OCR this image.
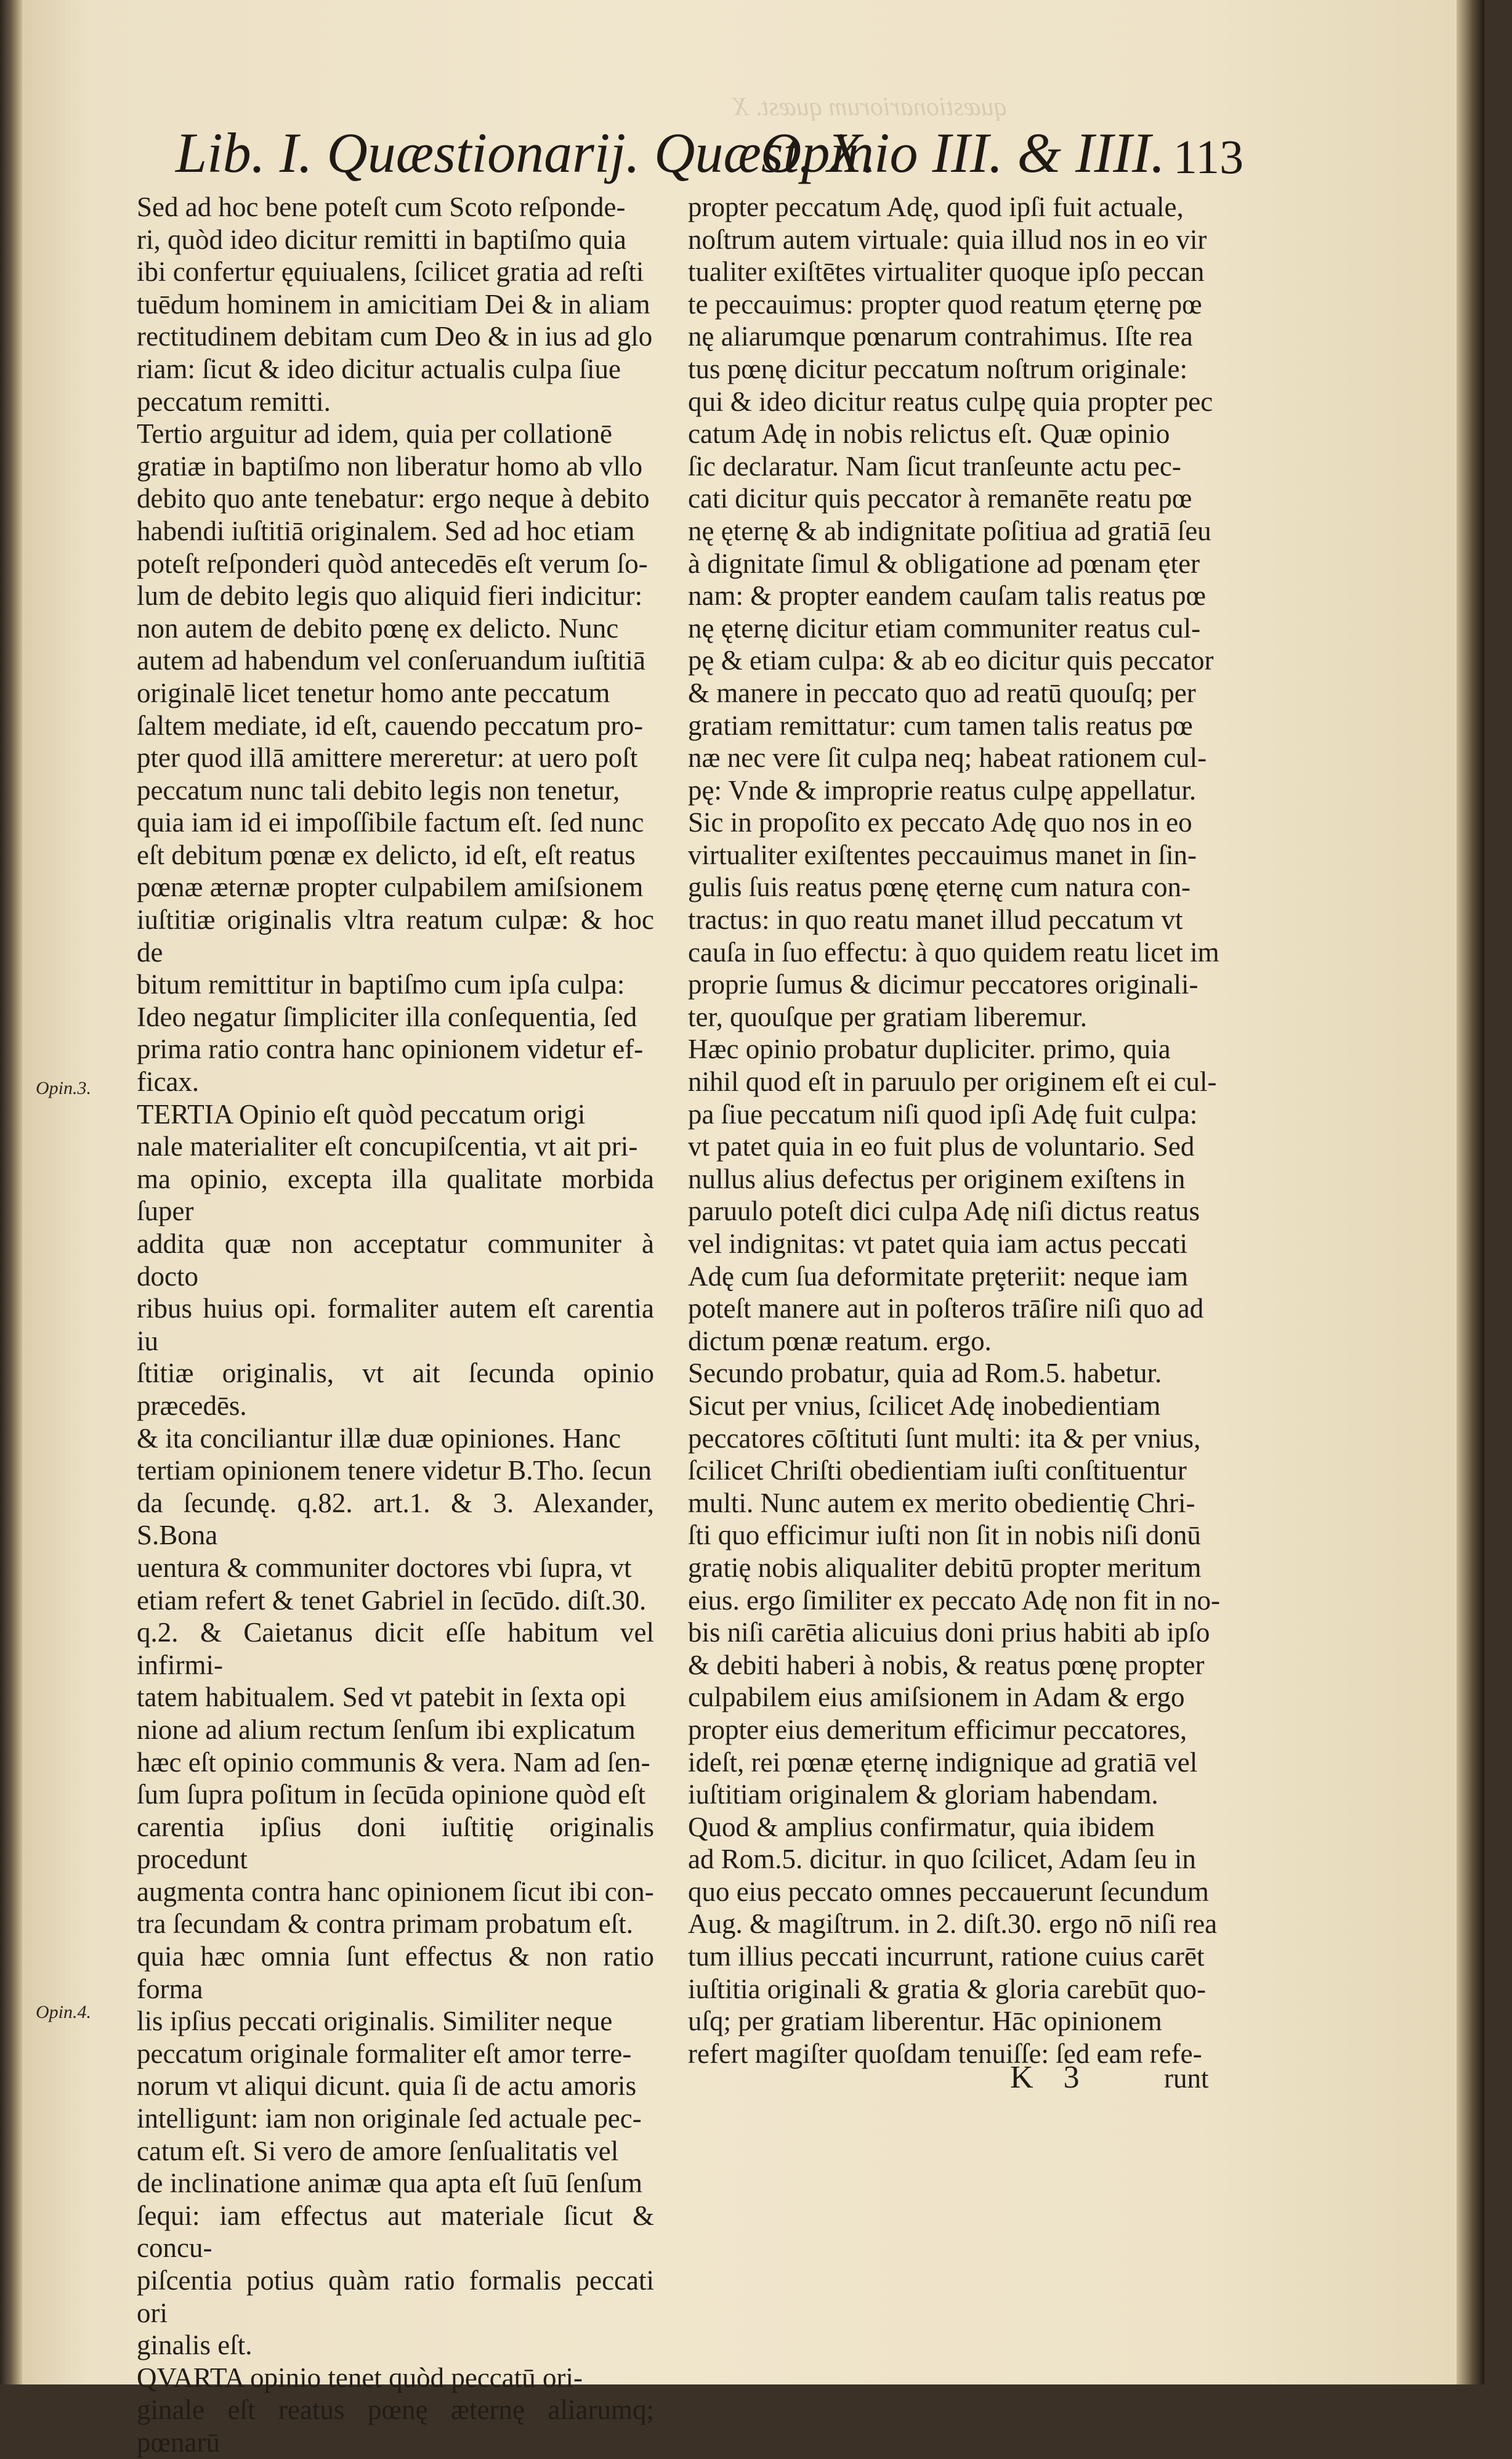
quæstionariorum quæst. X
Lib. I. Quæstionarij. Quæst. X.
Opinio III. & IIII. 113
Opin.3.
Opin.4.

Sed ad hoc bene poteſt cum Scoto reſponde-
ri, quòd ideo dicitur remitti in baptiſmo quia
ibi confertur ęquiualens, ſcilicet gratia ad reſti
tuēdum hominem in amicitiam Dei & in aliam
rectitudinem debitam cum Deo & in ius ad glo
riam: ſicut & ideo dicitur actualis culpa ſiue
peccatum remitti.
Tertio arguitur ad idem, quia per collationē
gratiæ in baptiſmo non liberatur homo ab vllo
debito quo ante tenebatur: ergo neque à debito
habendi iuſtitiā originalem. Sed ad hoc etiam
poteſt reſponderi quòd antecedēs eſt verum ſo-
lum de debito legis quo aliquid fieri indicitur:
non autem de debito pœnę ex delicto. Nunc
autem ad habendum vel conſeruandum iuſtitiā
originalē licet tenetur homo ante peccatum
ſaltem mediate, id eſt, cauendo peccatum pro-
pter quod illā amittere mereretur: at uero poſt
peccatum nunc tali debito legis non tenetur,
quia iam id ei impoſſibile factum eſt. ſed nunc
eſt debitum pœnæ ex delicto, id eſt, eſt reatus
pœnæ æternæ propter culpabilem amiſsionem
iuſtitiæ originalis vltra reatum culpæ: & hoc de
bitum remittitur in baptiſmo cum ipſa culpa:
Ideo negatur ſimpliciter illa conſequentia, ſed
prima ratio contra hanc opinionem videtur ef-
ficax.
TERTIA Opinio eſt quòd peccatum origi
nale materialiter eſt concupiſcentia, vt ait pri-
ma opinio, excepta illa qualitate morbida ſuper
addita quæ non acceptatur communiter à docto
ribus huius opi. formaliter autem eſt carentia iu
ſtitiæ originalis, vt ait ſecunda opinio præcedēs.
& ita conciliantur illæ duæ opiniones. Hanc
tertiam opinionem tenere videtur B.Tho. ſecun
da ſecundę. q.82. art.1. & 3. Alexander, S.Bona
uentura & communiter doctores vbi ſupra, vt
etiam refert & tenet Gabriel in ſecūdo. diſt.30.
q.2. & Caietanus dicit eſſe habitum vel infirmi-
tatem habitualem. Sed vt patebit in ſexta opi
nione ad alium rectum ſenſum ibi explicatum
hæc eſt opinio communis & vera. Nam ad ſen-
ſum ſupra poſitum in ſecūda opinione quòd eſt
carentia ipſius doni iuſtitię originalis procedunt
augmenta contra hanc opinionem ſicut ibi con-
tra ſecundam & contra primam probatum eſt.
quia hæc omnia ſunt effectus & non ratio forma
lis ipſius peccati originalis. Similiter neque
peccatum originale formaliter eſt amor terre-
norum vt aliqui dicunt. quia ſi de actu amoris
intelligunt: iam non originale ſed actuale pec-
catum eſt. Si vero de amore ſenſualitatis vel
de inclinatione animæ qua apta eſt ſuū ſenſum
ſequi: iam effectus aut materiale ſicut & concu-
piſcentia potius quàm ratio formalis peccati ori
ginalis eſt.
QVARTA opinio tenet quòd peccatū ori-
ginale eſt reatus pœnę æternę aliarumq; pœnarū

propter peccatum Adę, quod ipſi fuit actuale,
noſtrum autem virtuale: quia illud nos in eo vir
tualiter exiſtētes virtualiter quoque ipſo peccan
te peccauimus: propter quod reatum ęternę pœ
nę aliarumque pœnarum contrahimus. Iſte rea
tus pœnę dicitur peccatum noſtrum originale:
qui & ideo dicitur reatus culpę quia propter pec
catum Adę in nobis relictus eſt. Quæ opinio
ſic declaratur. Nam ſicut tranſeunte actu pec-
cati dicitur quis peccator à remanēte reatu pœ
nę ęternę & ab indignitate poſitiua ad gratiā ſeu
à dignitate ſimul & obligatione ad pœnam ęter
nam: & propter eandem cauſam talis reatus pœ
nę ęternę dicitur etiam communiter reatus cul-
pę & etiam culpa: & ab eo dicitur quis peccator
& manere in peccato quo ad reatū quouſq; per
gratiam remittatur: cum tamen talis reatus pœ
næ nec vere ſit culpa neq; habeat rationem cul-
pę: Vnde & improprie reatus culpę appellatur.
Sic in propoſito ex peccato Adę quo nos in eo
virtualiter exiſtentes peccauimus manet in ſin-
gulis ſuis reatus pœnę ęternę cum natura con-
tractus: in quo reatu manet illud peccatum vt
cauſa in ſuo effectu: à quo quidem reatu licet im
proprie ſumus & dicimur peccatores originali-
ter, quouſque per gratiam liberemur.
Hæc opinio probatur dupliciter. primo, quia
nihil quod eſt in paruulo per originem eſt ei cul-
pa ſiue peccatum niſi quod ipſi Adę fuit culpa:
vt patet quia in eo fuit plus de voluntario. Sed
nullus alius defectus per originem exiſtens in
paruulo poteſt dici culpa Adę niſi dictus reatus
vel indignitas: vt patet quia iam actus peccati
Adę cum ſua deformitate prȩteriit: neque iam
poteſt manere aut in poſteros trāſire niſi quo ad
dictum pœnæ reatum. ergo.
Secundo probatur, quia ad Rom.5. habetur.
Sicut per vnius, ſcilicet Adę inobedientiam
peccatores cōſtituti ſunt multi: ita & per vnius,
ſcilicet Chriſti obedientiam iuſti conſtituentur
multi. Nunc autem ex merito obedientię Chri-
ſti quo efficimur iuſti non ſit in nobis niſi donū
gratię nobis aliqualiter debitū propter meritum
eius. ergo ſimiliter ex peccato Adę non fit in no-
bis niſi carētia alicuius doni prius habiti ab ipſo
& debiti haberi à nobis, & reatus pœnę propter
culpabilem eius amiſsionem in Adam & ergo
propter eius demeritum efficimur peccatores,
ideſt, rei pœnæ ęternę indignique ad gratiā vel
iuſtitiam originalem & gloriam habendam.
Quod & amplius confirmatur, quia ibidem
ad Rom.5. dicitur. in quo ſcilicet, Adam ſeu in
quo eius peccato omnes peccauerunt ſecundum
Aug. & magiſtrum. in 2. diſt.30. ergo nō niſi rea
tum illius peccati incurrunt, ratione cuius carēt
iuſtitia originali & gratia & gloria carebūt quo-
uſq; per gratiam liberentur. Hāc opinionem
refert magiſter quoſdam tenuiſſe: ſed eam refe-

K 3	runt
